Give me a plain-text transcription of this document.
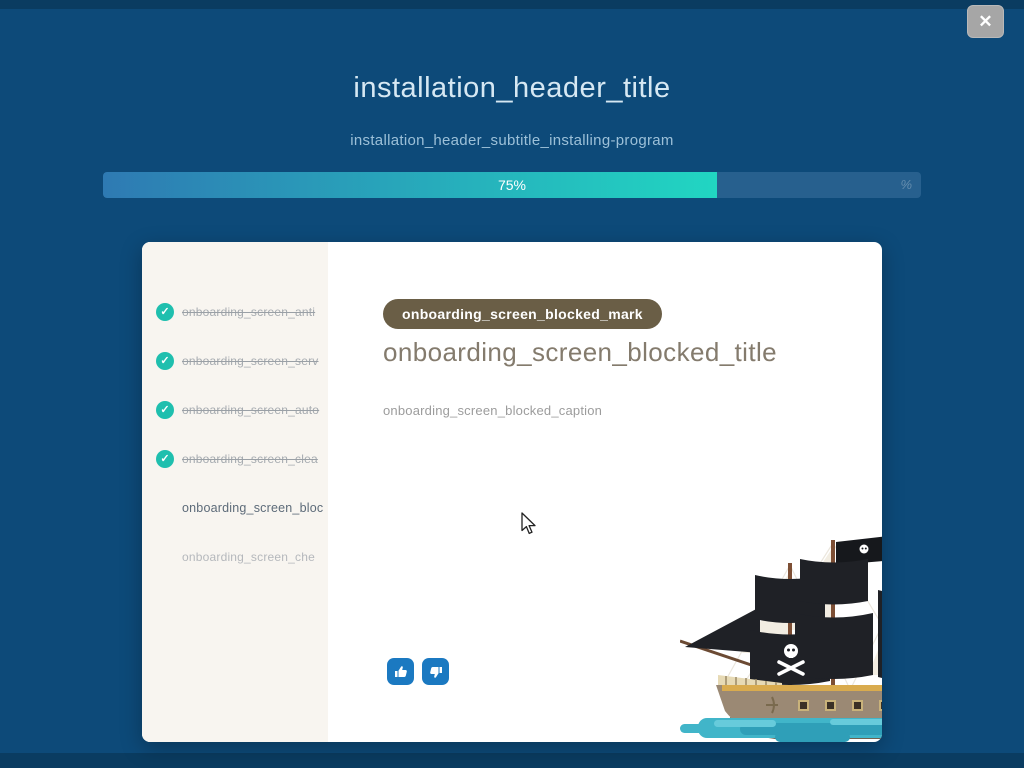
✕
installation_header_title
installation_header_subtitle_installing-program
75%	%
✓	onboarding_screen_anti
✓	onboarding_screen_serv
✓	onboarding_screen_auto
✓	onboarding_screen_clea
onboarding_screen_bloc
onboarding_screen_che
onboarding_screen_blocked_mark
onboarding_screen_blocked_title
onboarding_screen_blocked_caption
